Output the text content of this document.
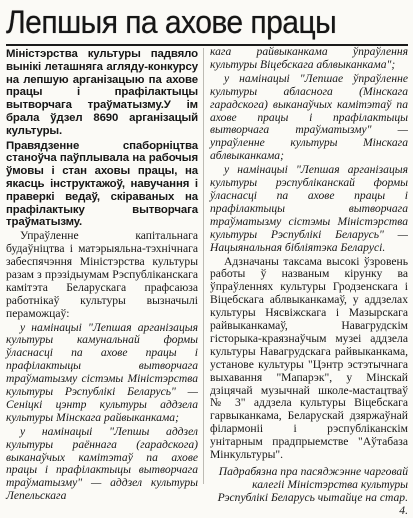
Лепшыя па ахове працы

Міністэрства культуры падвяло вынікі леташняга агляду-конкурсу на лепшую арганізацыю па ахове працы і прафілактыцы вытворчага траўматызму.У ім брала ўдзел 8690 арганізацый культуры.

Правядзенне спаборніцтва станоўча паўплывала на рабочыя ўмовы і стан аховы працы, на якасць інструктажоў, навучання і праверкі ведаў, скіраваных на прафілактыку вытворчага траўматызму.

Упраўленне капітальнага будаўніцтва і матэрыяльна-тэхнічнага забеспячэння Міністэрства культуры разам з прэзідыумам Рэспубліканскага камітэта Беларускага прафсаюза работнікаў культуры вызначылі пераможцаў:

у намінацыі "Лепшая арганізацыя культуры камунальнай формы ўласнасці па ахове працы і прафілактыцы вытворчага траўматызму сістэмы Міністэрства культуры Рэспублікі Беларусь" — Сеніцкі цэнтр культуры аддзела культуры Мінскага райвыканкама;

у намінацыі "Лепшы аддзел культуры раённага (гарадскога) выканаўчых камітэтаў па ахове працы і прафілактыцы вытворчага траўматызму" — аддзел культуры Лепельскага

кага райвыканкама ўпраўлення культуры Віцебскага аблвыканкама";

у намінацыі "Лепшае ўпраўленне культуры абласнога (Мінскага гарадскога) выканаўчых камітэтаў па ахове працы і прафілактыцы вытворчага траўматызму" — упраўленне культуры Мінскага аблвыканкама;

у намінацыі "Лепшая арганізацыя культуры рэспубліканскай формы ўласнасці па ахове працы і прафілактыцы вытворчага траўматызму сістэмы Міністэрства культуры Рэспублікі Беларусь" — Нацыянальная бібліятэка Беларусі.

Адзначаны таксама высокі ўзровень работы ў названым кірунку ва ўпраўленнях культуры Гродзенскага і Віцебскага аблвыканкамаў, у аддзелах культуры Нясвіжскага і Мазырскага райвыканкамаў, Навагрудскім гісторыка-краязнаўчым музеі аддзела культуры Навагрудскага райвыканкама, установе культуры "Цэнтр эстэтычнага выхавання "Мапарэк", у Мінскай дзіцячай музычнай школе-мастацтваў № 3" аддзела культуры Віцебскага гарвыканкама, Беларускай дзяржаўнай філармоніі і рэспубліканскім унітарным прадпрыемстве "Аўтабаза Мінкультуры".

Падрабязна пра пасяджэнне чарговай калегіі Міністэрства культуры Рэспублікі Беларусь чытайце на стар. 4.
